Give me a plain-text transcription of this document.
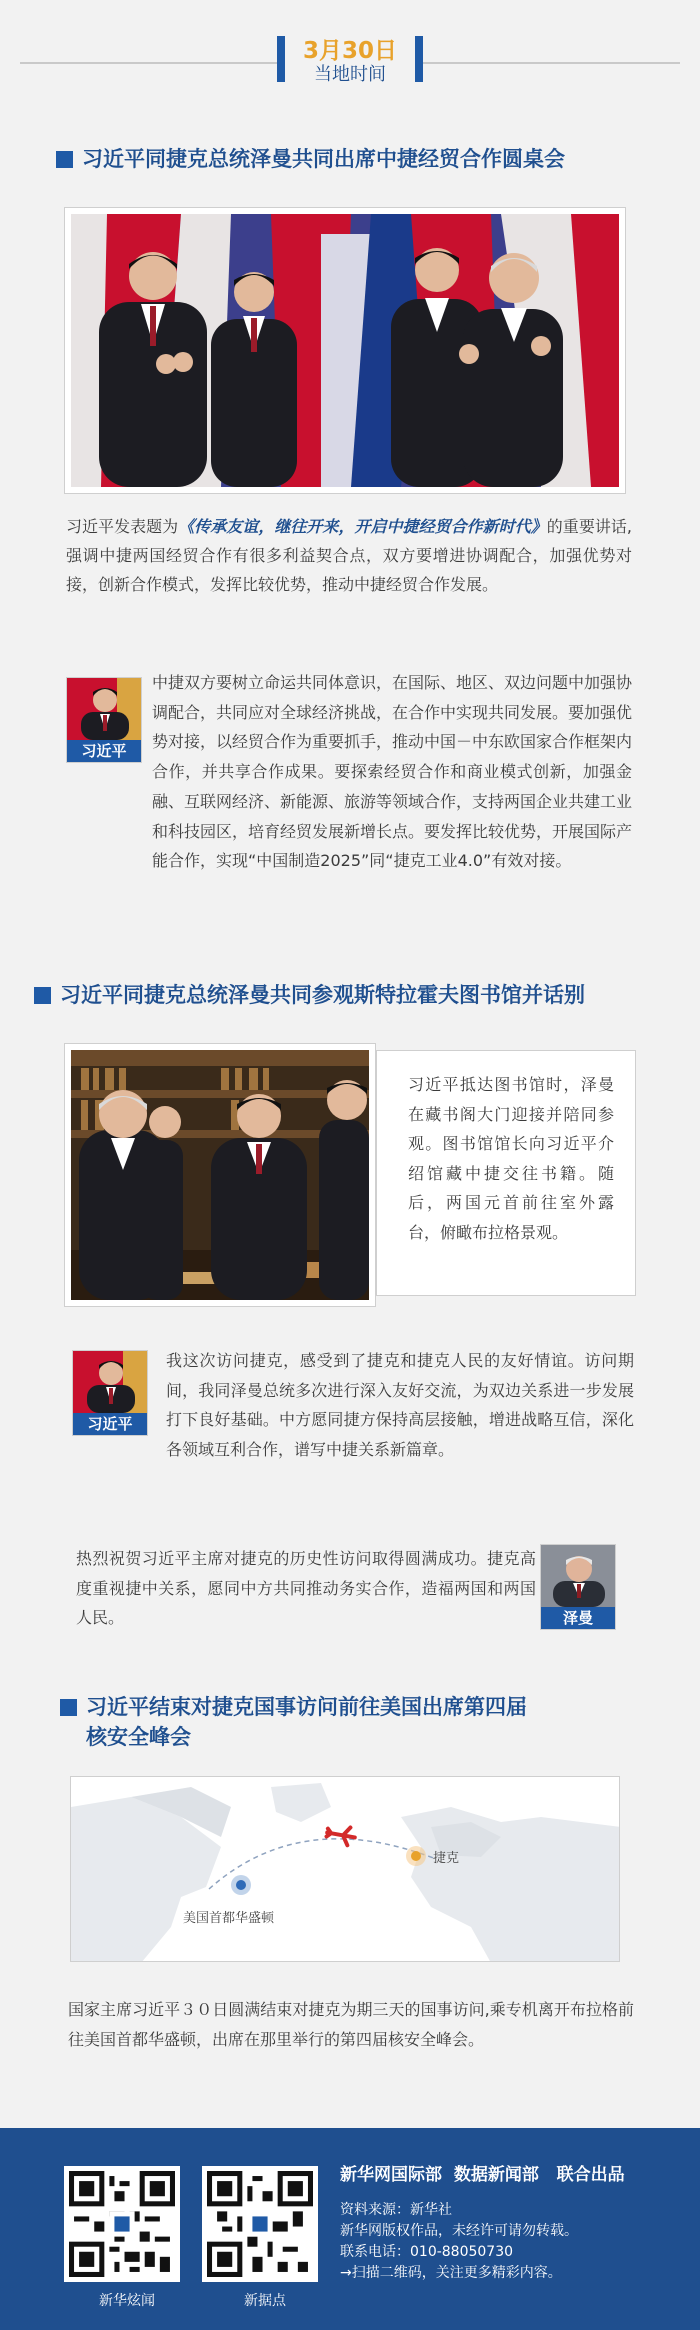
3月30日
当地时间
习近平同捷克总统泽曼共同出席中捷经贸合作圆桌会
习近平发表题为《传承友谊，继往开来，开启中捷经贸合作新时代》的重要讲话,强调中捷两国经贸合作有很多利益契合点，双方要增进协调配合，加强优势对接，创新合作模式，发挥比较优势，推动中捷经贸合作发展。
习近平
中捷双方要树立命运共同体意识，在国际、地区、双边问题中加强协调配合，共同应对全球经济挑战，在合作中实现共同发展。要加强优势对接，以经贸合作为重要抓手，推动中国－中东欧国家合作框架内合作，并共享合作成果。要探索经贸合作和商业模式创新，加强金融、互联网经济、新能源、旅游等领域合作，支持两国企业共建工业和科技园区，培育经贸发展新增长点。要发挥比较优势，开展国际产能合作，实现“中国制造2025”同“捷克工业4.0”有效对接。
习近平同捷克总统泽曼共同参观斯特拉霍夫图书馆并话别
习近平抵达图书馆时，泽曼在藏书阁大门迎接并陪同参观。图书馆馆长向习近平介绍馆藏中捷交往书籍。随后，两国元首前往室外露台，俯瞰布拉格景观。
习近平
我这次访问捷克，感受到了捷克和捷克人民的友好情谊。访问期间，我同泽曼总统多次进行深入友好交流，为双边关系进一步发展打下良好基础。中方愿同捷方保持高层接触，增进战略互信，深化各领域互利合作，谱写中捷关系新篇章。
热烈祝贺习近平主席对捷克的历史性访问取得圆满成功。捷克高度重视捷中关系，愿同中方共同推动务实合作，造福两国和两国人民。	泽曼
习近平结束对捷克国事访问前往美国出席第四届
核安全峰会
捷克
美国首都华盛顿
国家主席习近平３０日圆满结束对捷克为期三天的国事访问,乘专机离开布拉格前往美国首都华盛顿，出席在那里举行的第四届核安全峰会。
新华炫闻	新据点
新华网国际部  数据新闻部   联合出品
资料来源：新华社
新华网版权作品，未经许可请勿转载。
联系电话：010-88050730
→扫描二维码，关注更多精彩内容。
